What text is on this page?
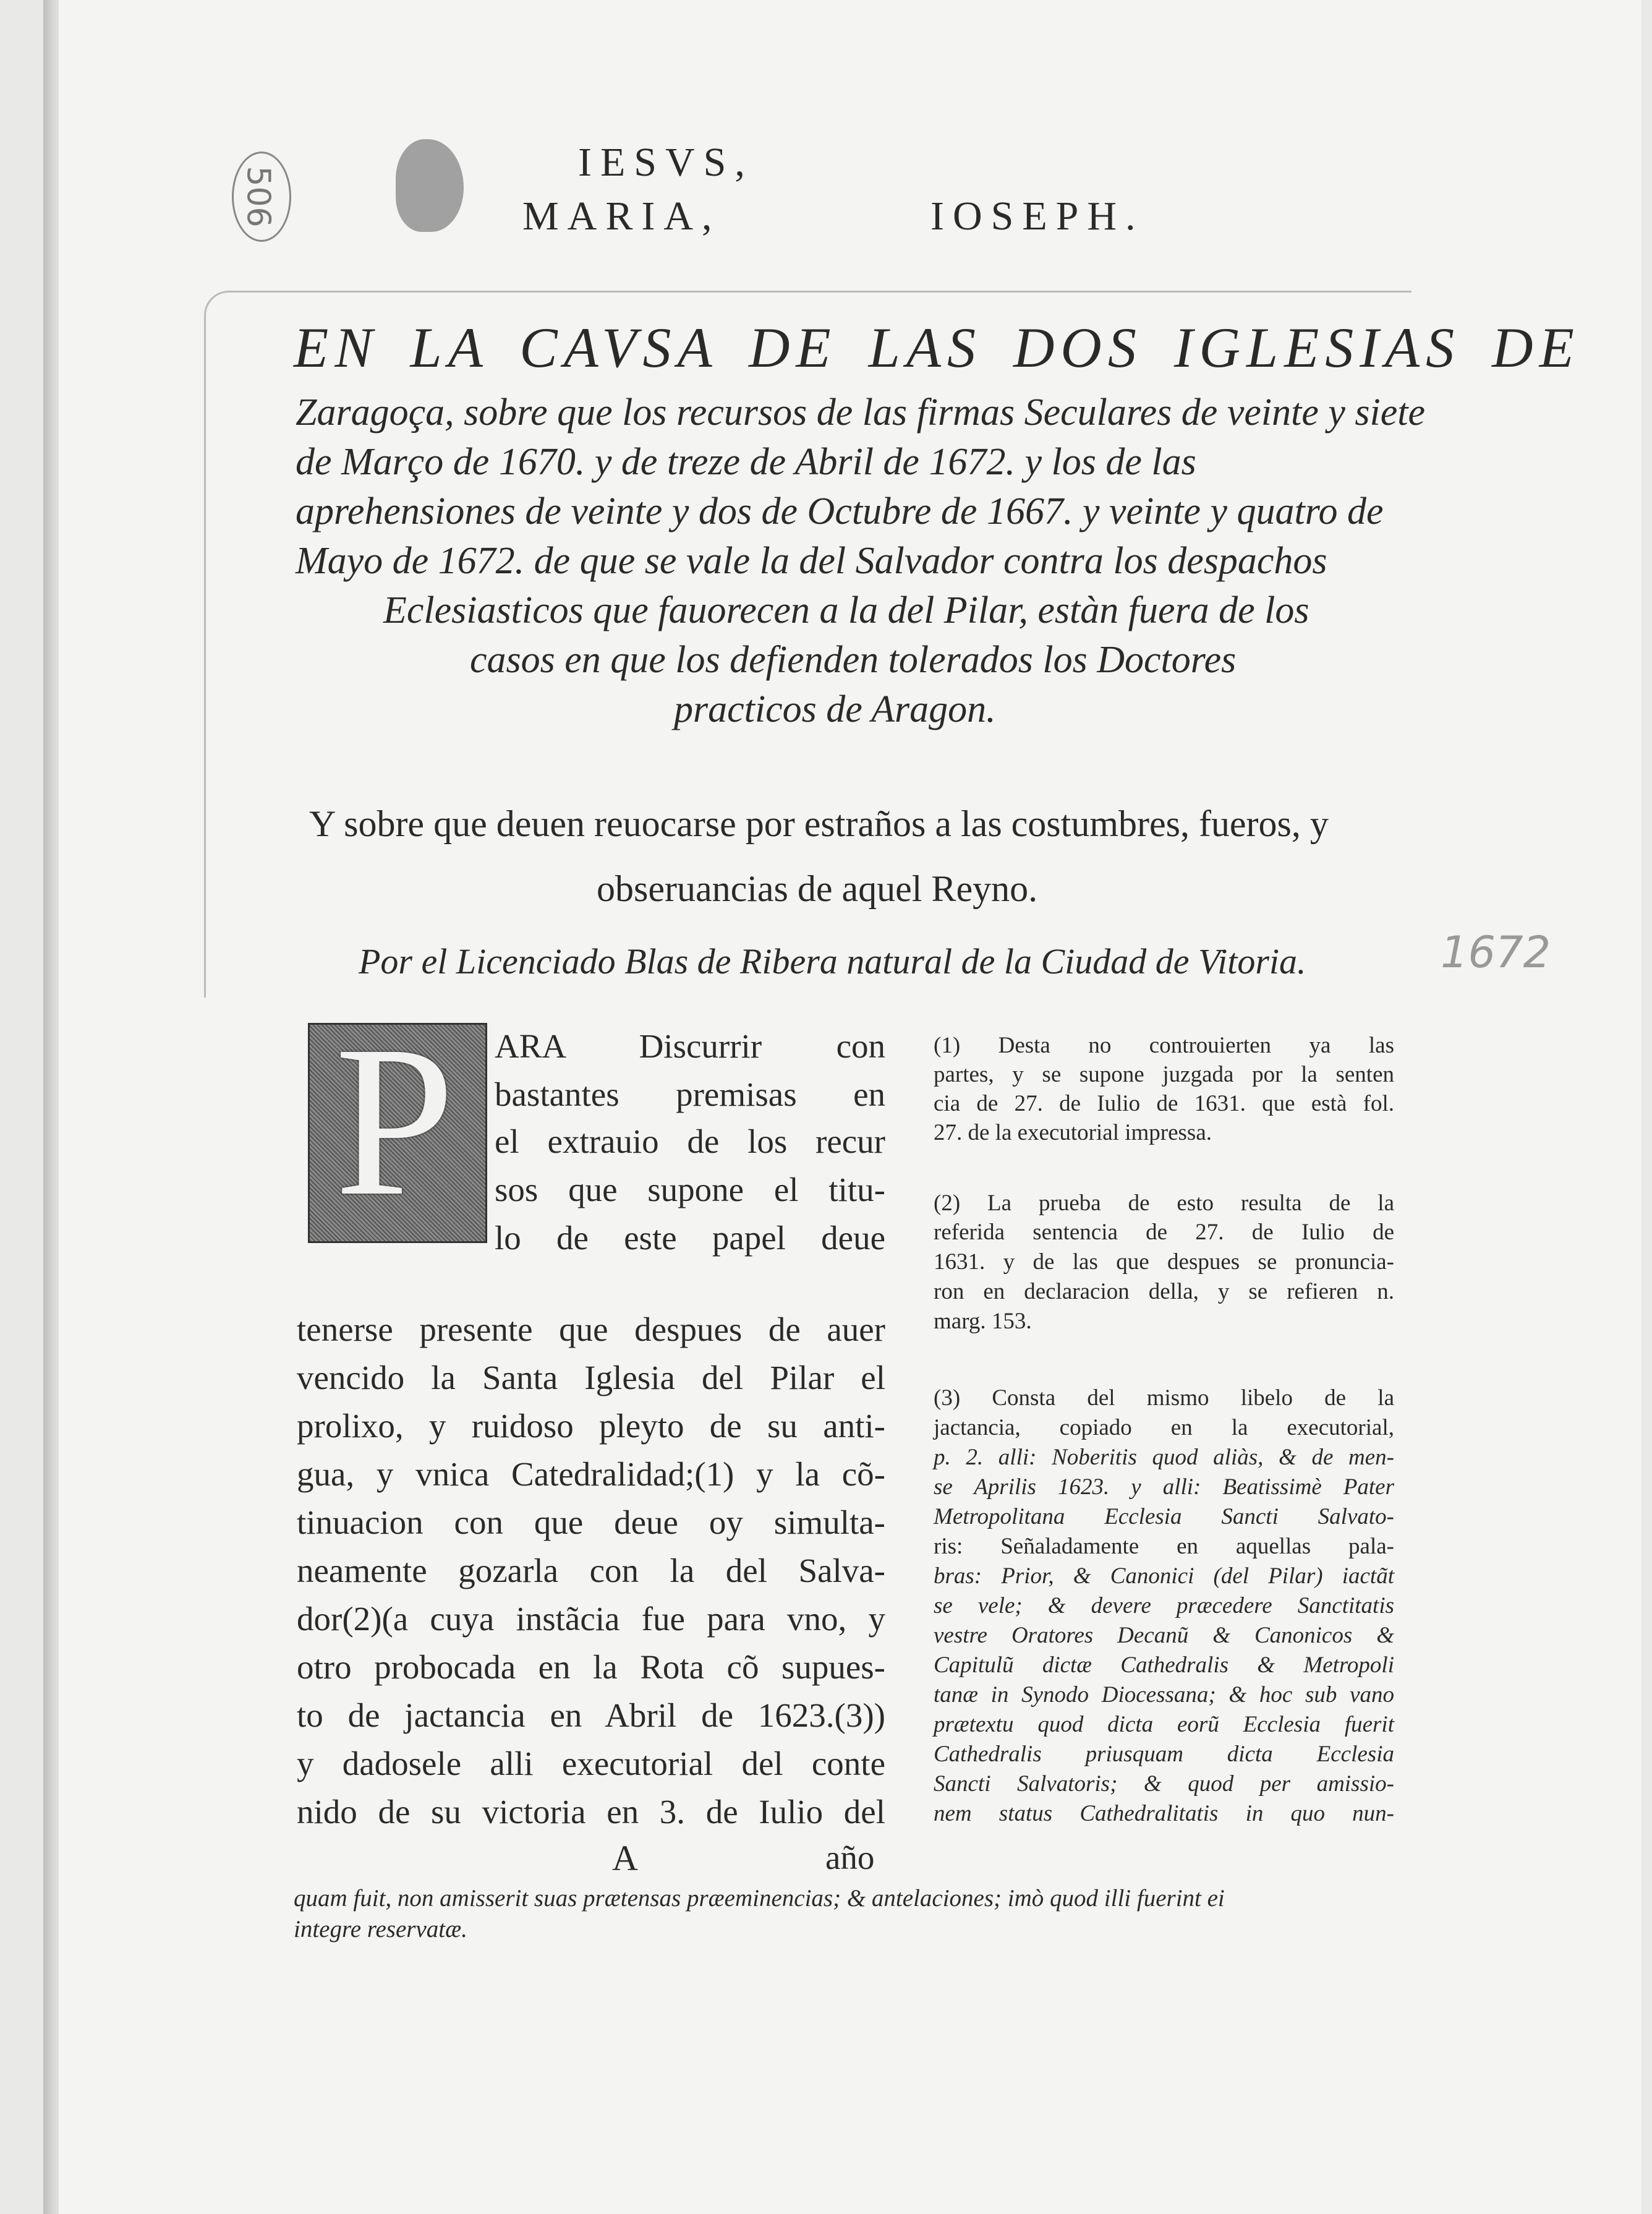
506
1672
IESVS,
MARIA,	IOSEPH.
EN LA CAVSA DE LAS DOS IGLESIAS DE
Zaragoça, sobre que los recursos de las firmas Seculares de veinte y siete
de Março de 1670. y de treze de Abril de 1672. y los de las
aprehensiones de veinte y dos de Octubre de 1667. y veinte y quatro de
Mayo de 1672. de que se vale la del Salvador contra los despachos
Eclesiasticos que fauorecen a la del Pilar, estàn fuera de los
casos en que los defienden tolerados los Doctores
practicos de Aragon.
Y sobre que deuen reuocarse por estraños a las costumbres, fueros, y
obseruancias de aquel Reyno.
Por el Licenciado Blas de Ribera natural de la Ciudad de Vitoria.
P ARA Discurrir con
bastantes premisas en
el extrauio de los recur
sos que supone el titu-
lo de este papel deue
tenerse presente que despues de auer
vencido la Santa Iglesia del Pilar el
prolixo, y ruidoso pleyto de su anti-
gua, y vnica Catedralidad;(1) y la cõ-
tinuacion con que deue oy simulta-
neamente gozarla con la del Salva-
dor(2)(a cuya instãcia fue para vno, y
otro probocada en la Rota cõ supues-
to de jactancia en Abril de 1623.(3))
y dadosele alli executorial del conte
nido de su victoria en 3. de Iulio del
A	año
(1) Desta no controuierten ya las
partes, y se supone juzgada por la senten
cia de 27. de Iulio de 1631. que està fol.
27. de la executorial impressa.
(2) La prueba de esto resulta de la
referida sentencia de 27. de Iulio de
1631. y de las que despues se pronuncia-
ron en declaracion della, y se refieren n.
marg. 153.
(3) Consta del mismo libelo de la
jactancia, copiado en la executorial,
p. 2. alli: Noberitis quod aliàs, & de men-
se Aprilis 1623. y alli: Beatissimè Pater
Metropolitana Ecclesia Sancti Salvato-
ris: Señaladamente en aquellas pala-
bras: Prior, & Canonici (del Pilar) iactãt
se vele; & devere præcedere Sanctitatis
vestre Oratores Decanũ & Canonicos &
Capitulũ dictæ Cathedralis & Metropoli
tanæ in Synodo Diocessana; & hoc sub vano
prætextu quod dicta eorũ Ecclesia fuerit
Cathedralis priusquam dicta Ecclesia
Sancti Salvatoris; & quod per amissio-
nem status Cathedralitatis in quo nun-
quam fuit, non amisserit suas prætensas præeminencias; & antelaciones; imò quod illi fuerint ei
integre reservatæ.
